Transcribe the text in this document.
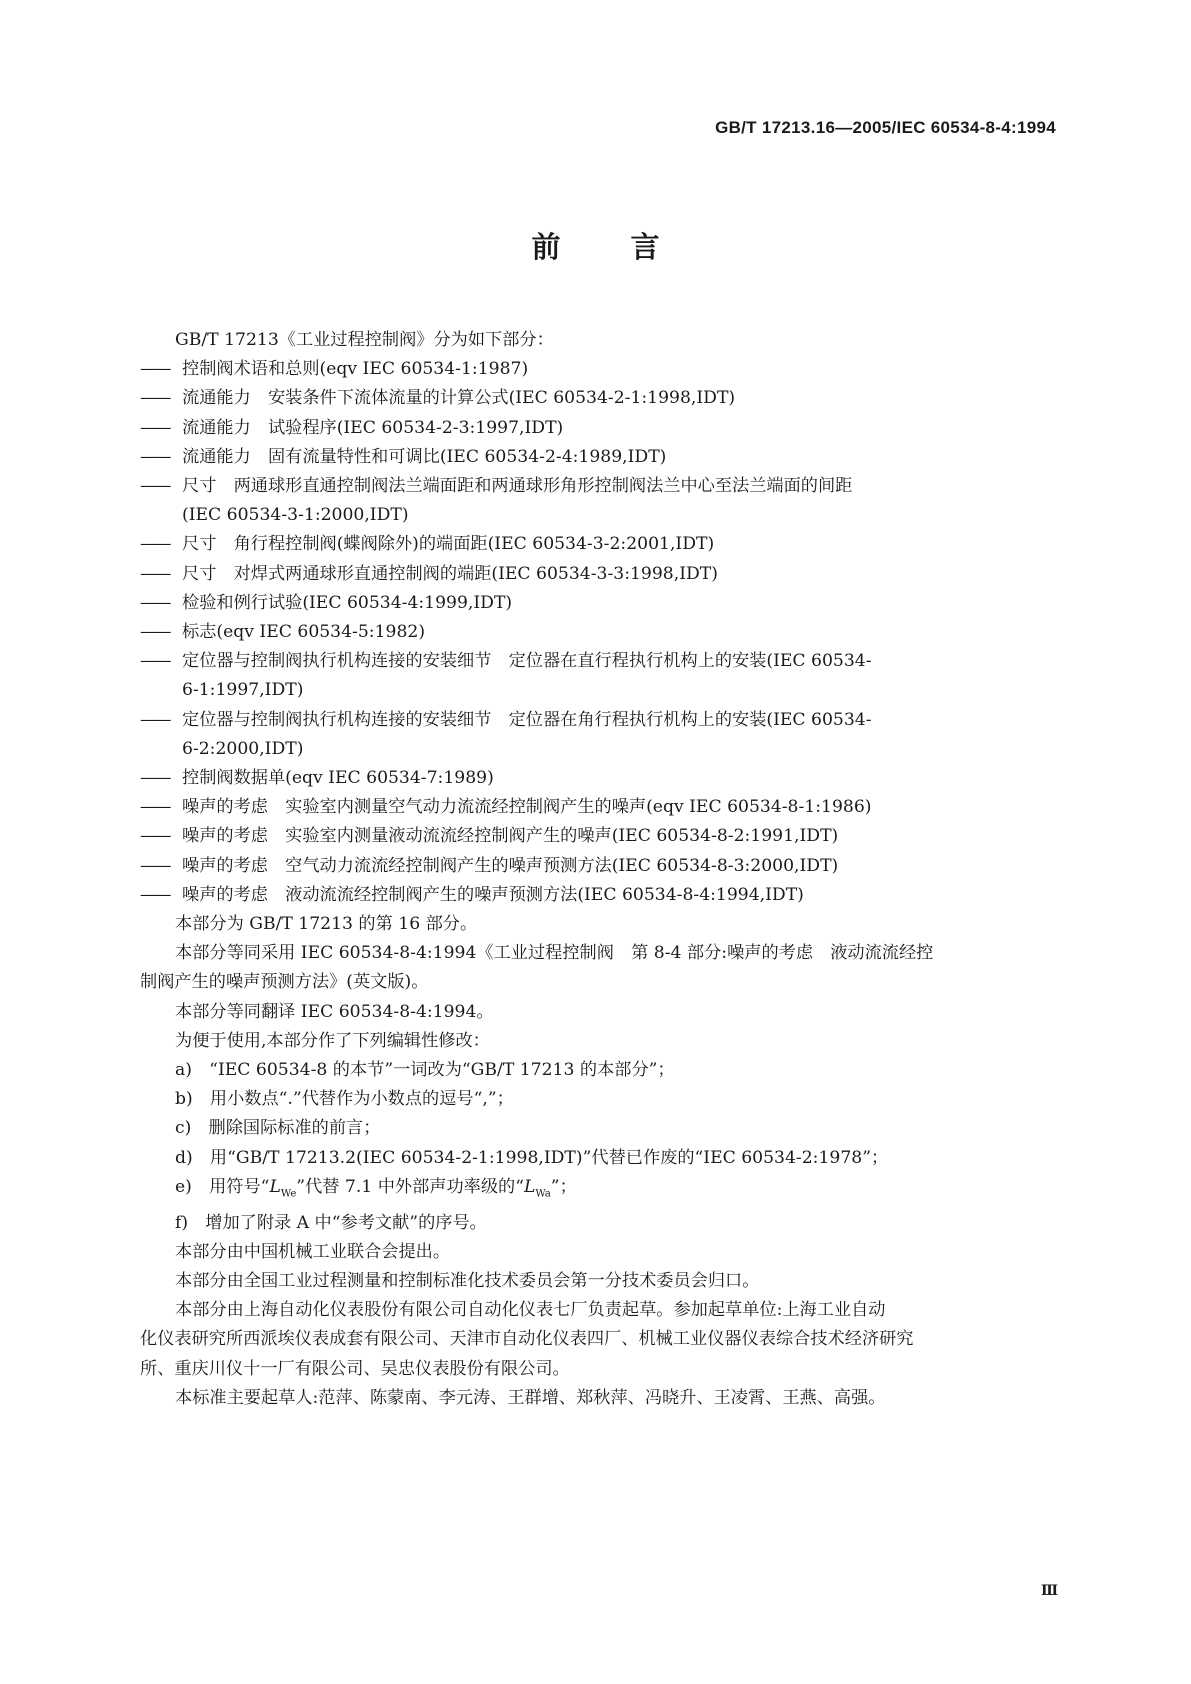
GB/T 17213.16—2005/IEC 60534-8-4:1994
前 言
GB/T 17213《工业过程控制阀》分为如下部分：
—— 控制阀术语和总则(eqv IEC 60534-1:1987)
—— 流通能力　安装条件下流体流量的计算公式(IEC 60534-2-1:1998,IDT)
—— 流通能力　试验程序(IEC 60534-2-3:1997,IDT)
—— 流通能力　固有流量特性和可调比(IEC 60534-2-4:1989,IDT)
—— 尺寸　两通球形直通控制阀法兰端面距和两通球形角形控制阀法兰中心至法兰端面的间距
(IEC 60534-3-1:2000,IDT)
—— 尺寸　角行程控制阀(蝶阀除外)的端面距(IEC 60534-3-2:2001,IDT)
—— 尺寸　对焊式两通球形直通控制阀的端距(IEC 60534-3-3:1998,IDT)
—— 检验和例行试验(IEC 60534-4:1999,IDT)
—— 标志(eqv IEC 60534-5:1982)
—— 定位器与控制阀执行机构连接的安装细节　定位器在直行程执行机构上的安装(IEC 60534-
6-1:1997,IDT)
—— 定位器与控制阀执行机构连接的安装细节　定位器在角行程执行机构上的安装(IEC 60534-
6-2:2000,IDT)
—— 控制阀数据单(eqv IEC 60534-7:1989)
—— 噪声的考虑　实验室内测量空气动力流流经控制阀产生的噪声(eqv IEC 60534-8-1:1986)
—— 噪声的考虑　实验室内测量液动流流经控制阀产生的噪声(IEC 60534-8-2:1991,IDT)
—— 噪声的考虑　空气动力流流经控制阀产生的噪声预测方法(IEC 60534-8-3:2000,IDT)
—— 噪声的考虑　液动流流经控制阀产生的噪声预测方法(IEC 60534-8-4:1994,IDT)
本部分为 GB/T 17213 的第 16 部分。
本部分等同采用 IEC 60534-8-4:1994《工业过程控制阀　第 8-4 部分:噪声的考虑　液动流流经控
制阀产生的噪声预测方法》(英文版)。
本部分等同翻译 IEC 60534-8-4:1994。
为便于使用,本部分作了下列编辑性修改：
a)　 “IEC 60534-8 的本节”一词改为“GB/T 17213 的本部分”；
b)　 用小数点“.”代替作为小数点的逗号“,”；
c)　 删除国际标准的前言；
d)　 用“GB/T 17213.2(IEC 60534-2-1:1998,IDT)”代替已作废的“IEC 60534-2:1978”；
e)　 用符号“$L_{We}$”代替 7.1 中外部声功率级的“$L_{Wa}$”；
f)　 增加了附录 A 中“参考文献”的序号。
本部分由中国机械工业联合会提出。
本部分由全国工业过程测量和控制标准化技术委员会第一分技术委员会归口。
本部分由上海自动化仪表股份有限公司自动化仪表七厂负责起草。参加起草单位:上海工业自动
化仪表研究所西派埃仪表成套有限公司、天津市自动化仪表四厂、机械工业仪器仪表综合技术经济研究
所、重庆川仪十一厂有限公司、吴忠仪表股份有限公司。
本标准主要起草人:范萍、陈蒙南、李元涛、王群增、郑秋萍、冯晓升、王凌霄、王燕、高强。
Ⅲ
